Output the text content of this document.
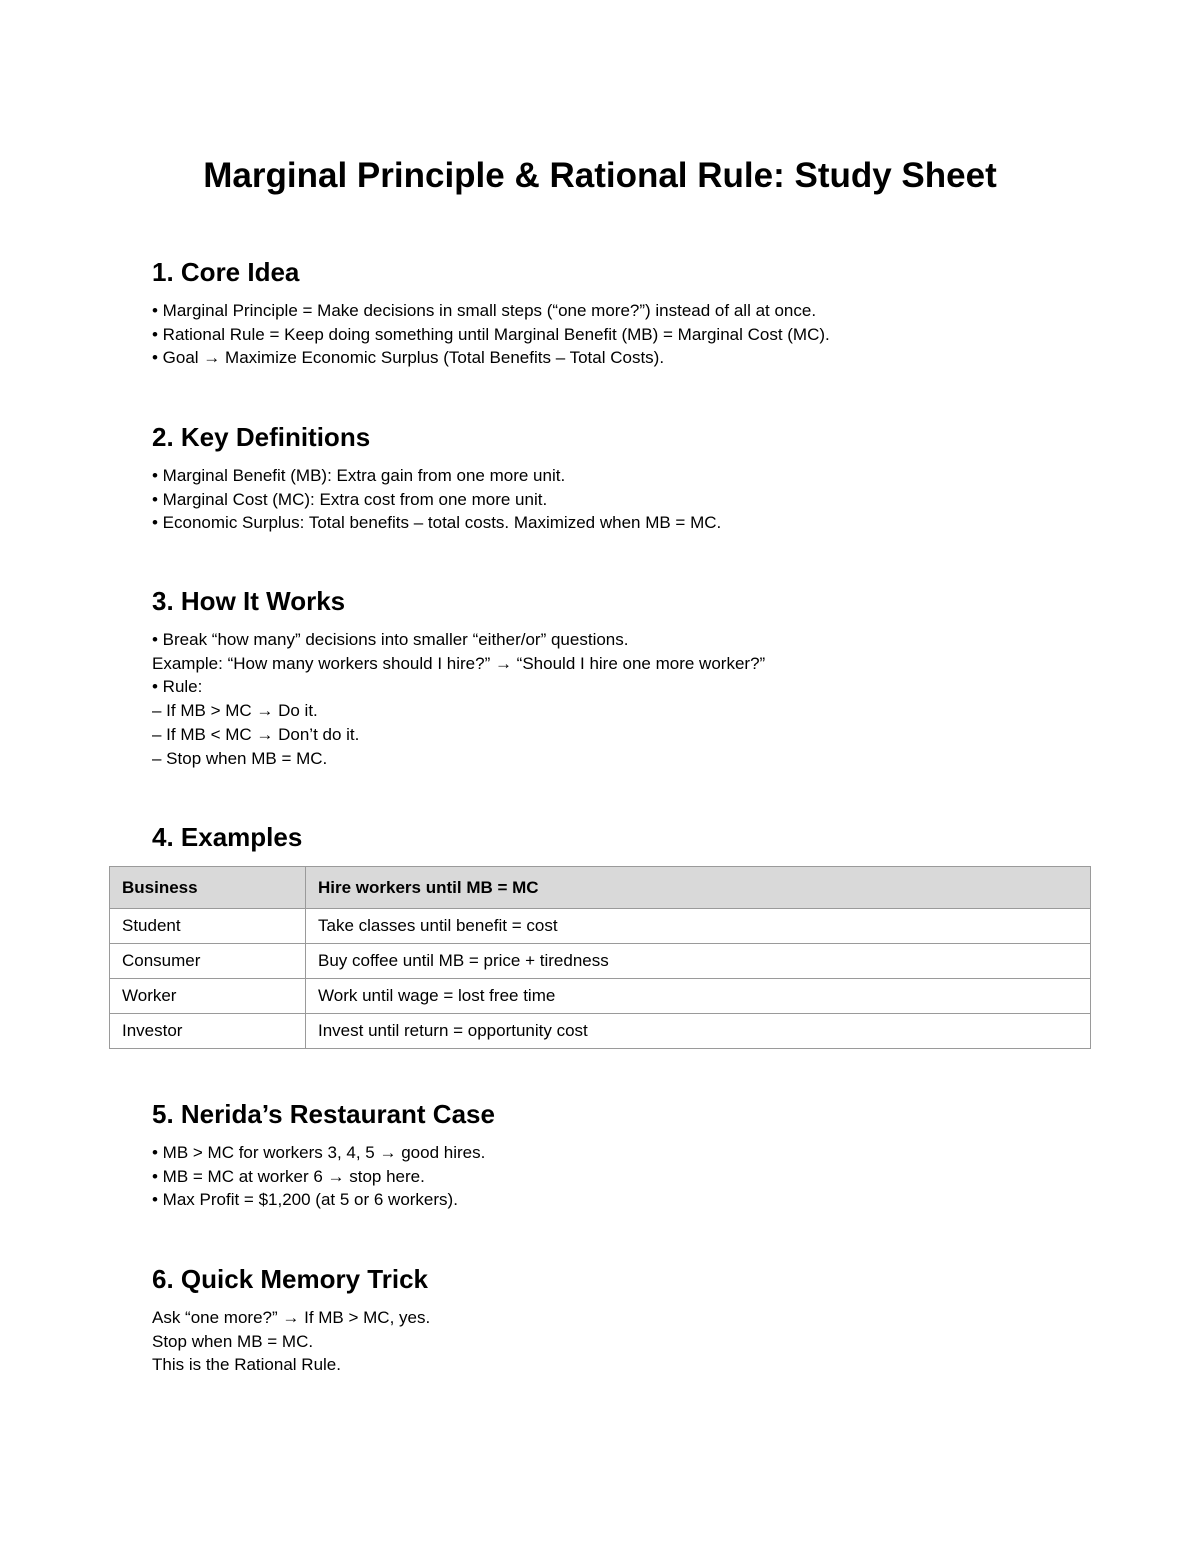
Marginal Principle & Rational Rule: Study Sheet
1. Core Idea

• Marginal Principle = Make decisions in small steps (“one more?”) instead of all at once.

• Rational Rule = Keep doing something until Marginal Benefit (MB) = Marginal Cost (MC).

• Goal → Maximize Economic Surplus (Total Benefits – Total Costs).

2. Key Definitions

• Marginal Benefit (MB): Extra gain from one more unit.

• Marginal Cost (MC): Extra cost from one more unit.

• Economic Surplus: Total benefits – total costs. Maximized when MB = MC.

3. How It Works

• Break “how many” decisions into smaller “either/or” questions.

Example: “How many workers should I hire?” → “Should I hire one more worker?”

• Rule:

– If MB > MC → Do it.

– If MB < MC → Don’t do it.

– Stop when MB = MC.

4. Examples
Business	Hire workers until MB = MC
Student	Take classes until benefit = cost
Consumer	Buy coffee until MB = price + tiredness
Worker	Work until wage = lost free time
Investor	Invest until return = opportunity cost
5. Nerida’s Restaurant Case

• MB > MC for workers 3, 4, 5 → good hires.

• MB = MC at worker 6 → stop here.

• Max Profit = $1,200 (at 5 or 6 workers).

6. Quick Memory Trick

Ask “one more?” → If MB > MC, yes.

Stop when MB = MC.

This is the Rational Rule.
